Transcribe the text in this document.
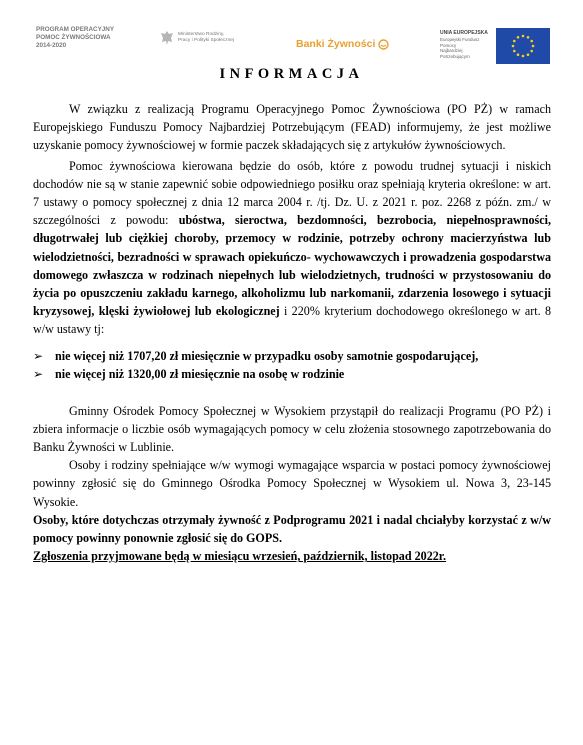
PROGRAM OPERACYJNY
POMOC ŻYWNOŚCIOWA
2014-2020
Ministerstwo Rodziny,
Pracy i Polityki Społecznej	Banki Żywności
UNIA EUROPEJSKA
Europejski Fundusz Pomocy
Najbardziej Potrzebującym
INFORMACJA

W związku z realizacją Programu Operacyjnego Pomoc Żywnościowa (PO PŻ) w ramach Europejskiego Funduszu Pomocy Najbardziej Potrzebującym (FEAD) informujemy, że jest możliwe uzyskanie pomocy żywnościowej w formie paczek składających się z artykułów żywnościowych.

Pomoc żywnościowa kierowana będzie do osób, które z powodu trudnej sytuacji i niskich dochodów nie są w stanie zapewnić sobie odpowiedniego posiłku oraz spełniają kryteria określone: w art. 7 ustawy o pomocy społecznej z dnia 12 marca 2004 r. /tj. Dz. U. z 2021 r. poz. 2268 z późn. zm./ w szczególności z powodu: ubóstwa, sieroctwa, bezdomności, bezrobocia, niepełnosprawności, długotrwałej lub ciężkiej choroby, przemocy w rodzinie, potrzeby ochrony macierzyństwa lub wielodzietności, bezradności w sprawach opiekuńczo- wychowawczych i prowadzenia gospodarstwa domowego zwłaszcza w rodzinach niepełnych lub wielodzietnych, trudności w przystosowaniu do życia po opuszczeniu zakładu karnego, alkoholizmu lub narkomanii, zdarzenia losowego i sytuacji kryzysowej, klęski żywiołowej lub ekologicznej i 220% kryterium dochodowego określonego w art. 8 w/w ustawy tj:

➢ nie więcej niż 1707,20 zł miesięcznie w przypadku osoby samotnie gospodarującej,
➢ nie więcej niż 1320,00 zł miesięcznie na osobę w rodzinie

Gminny Ośrodek Pomocy Społecznej w Wysokiem przystąpił do realizacji Programu (PO PŻ) i zbiera informacje o liczbie osób wymagających pomocy w celu złożenia stosownego zapotrzebowania do Banku Żywności w Lublinie.

Osoby i rodziny spełniające w/w wymogi wymagające wsparcia w postaci pomocy żywnościowej powinny zgłosić się do Gminnego Ośrodka Pomocy Społecznej w Wysokiem ul. Nowa 3, 23-145 Wysokie.

Osoby, które dotychczas otrzymały żywność z Podprogramu 2021 i nadal chciałyby korzystać z w/w pomocy powinny ponownie zgłosić się do GOPS.

Zgłoszenia przyjmowane będą w miesiącu wrzesień, październik, listopad 2022r.
